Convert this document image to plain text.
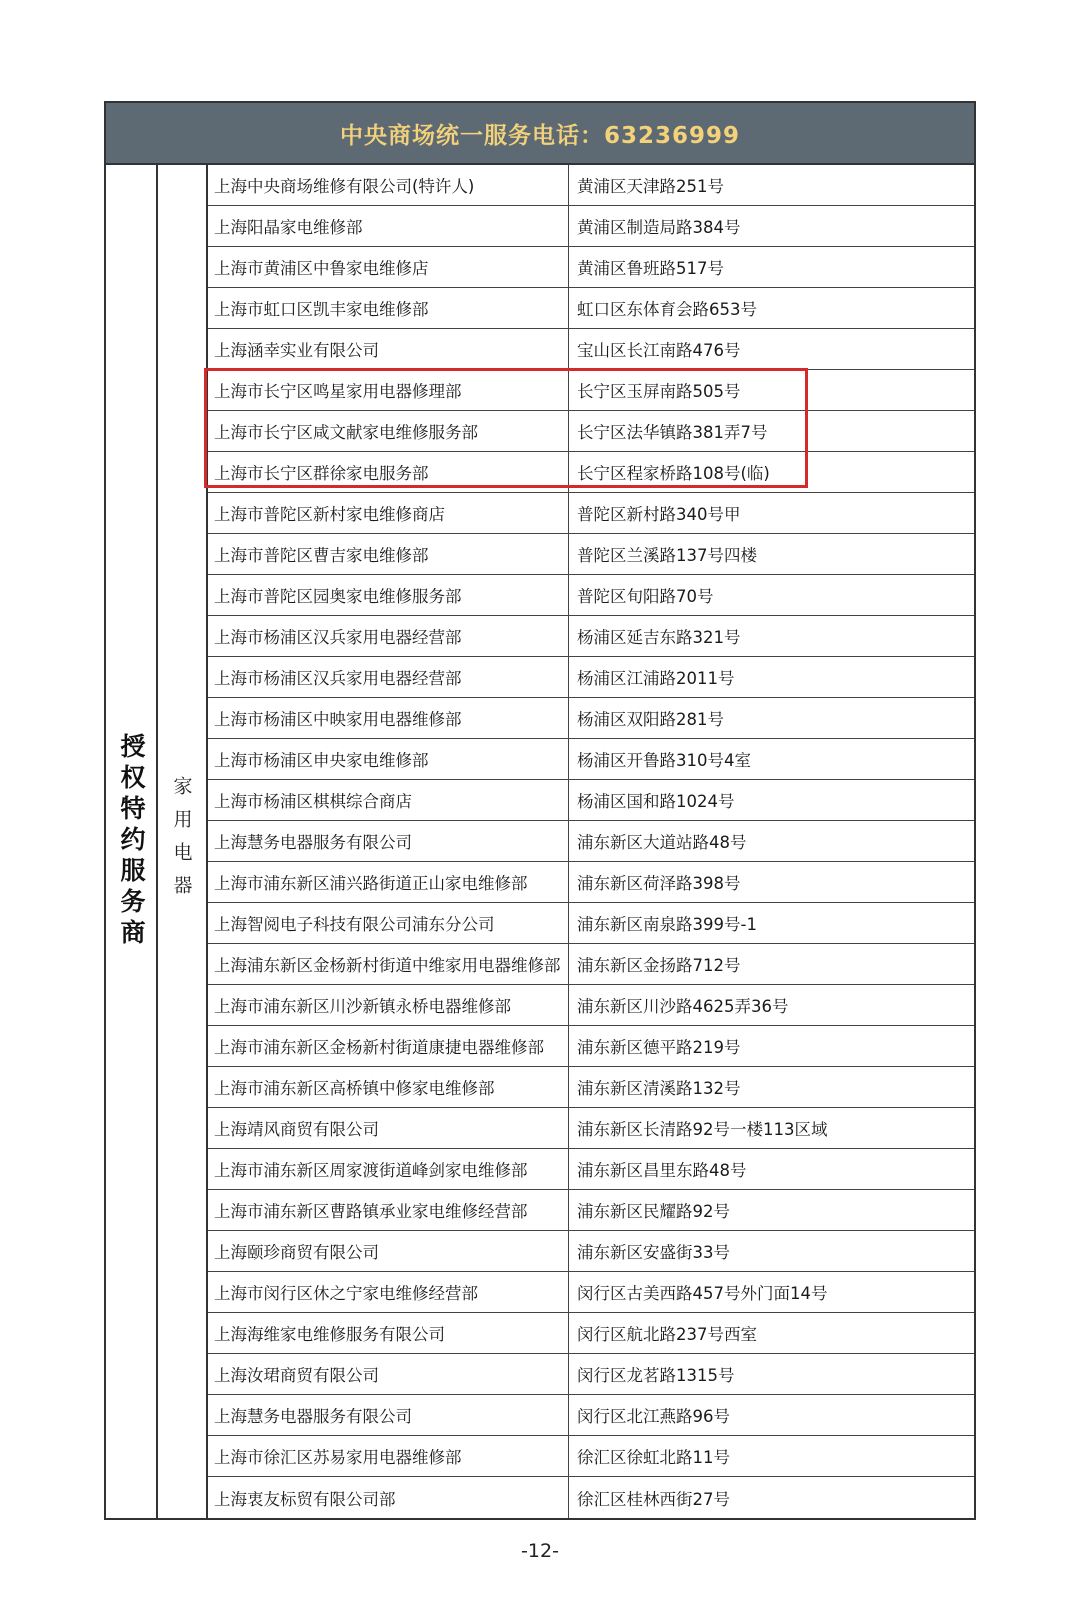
中央商场统一服务电话：63236999
授权特约服务商 家用电器
上海中央商场维修有限公司(特许人)	黄浦区天津路251号
上海阳晶家电维修部	黄浦区制造局路384号
上海市黄浦区中鲁家电维修店	黄浦区鲁班路517号
上海市虹口区凯丰家电维修部	虹口区东体育会路653号
上海涵幸实业有限公司	宝山区长江南路476号
上海市长宁区鸣星家用电器修理部	长宁区玉屏南路505号
上海市长宁区咸文献家电维修服务部	长宁区法华镇路381弄7号
上海市长宁区群徐家电服务部	长宁区程家桥路108号(临)
上海市普陀区新村家电维修商店	普陀区新村路340号甲
上海市普陀区曹吉家电维修部	普陀区兰溪路137号四楼
上海市普陀区园奥家电维修服务部	普陀区旬阳路70号
上海市杨浦区汉兵家用电器经营部	杨浦区延吉东路321号
上海市杨浦区汉兵家用电器经营部	杨浦区江浦路2011号
上海市杨浦区中映家用电器维修部	杨浦区双阳路281号
上海市杨浦区申央家电维修部	杨浦区开鲁路310号4室
上海市杨浦区棋棋综合商店	杨浦区国和路1024号
上海慧务电器服务有限公司	浦东新区大道站路48号
上海市浦东新区浦兴路街道正山家电维修部	浦东新区荷泽路398号
上海智阅电子科技有限公司浦东分公司	浦东新区南泉路399号-1
上海浦东新区金杨新村街道中维家用电器维修部	浦东新区金扬路712号
上海市浦东新区川沙新镇永桥电器维修部	浦东新区川沙路4625弄36号
上海市浦东新区金杨新村街道康捷电器维修部	浦东新区德平路219号
上海市浦东新区高桥镇中修家电维修部	浦东新区清溪路132号
上海靖风商贸有限公司	浦东新区长清路92号一楼113区域
上海市浦东新区周家渡街道峰剑家电维修部	浦东新区昌里东路48号
上海市浦东新区曹路镇承业家电维修经营部	浦东新区民耀路92号
上海颐珍商贸有限公司	浦东新区安盛街33号
上海市闵行区休之宁家电维修经营部	闵行区古美西路457号外门面14号
上海海维家电维修服务有限公司	闵行区航北路237号西室
上海汝珺商贸有限公司	闵行区龙茗路1315号
上海慧务电器服务有限公司	闵行区北江燕路96号
上海市徐汇区苏易家用电器维修部	徐汇区徐虹北路11号
上海衷友标贸有限公司部	徐汇区桂林西街27号
-12-
